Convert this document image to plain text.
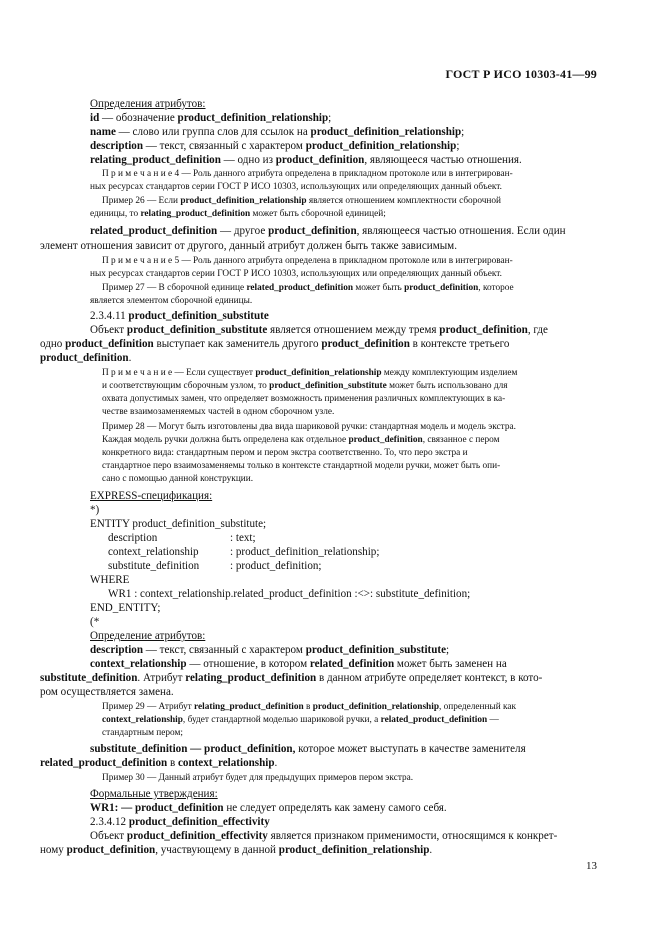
ГОСТ Р ИСО 10303-41—99
Определения атрибутов:
id — обозначение product_definition_relationship;
name — слово или группа слов для ссылок на product_definition_relationship;
description — текст, связанный с характером product_definition_relationship;
relating_product_definition — одно из product_definition, являющееся частью отношения.
П р и м е ч а н и е 4 — Роль данного атрибута определена в прикладном протоколе или в интегрирован-
ных ресурсах стандартов серии ГОСТ Р ИСО 10303, использующих или определяющих данный объект.
Пример 26 — Если product_definition_relationship является отношением комплектности сборочной
единицы, то relating_product_definition может быть сборочной единицей;
related_product_definition — другое product_definition, являющееся частью отношения. Если один
элемент отношения зависит от другого, данный атрибут должен быть также зависимым.
П р и м е ч а н и е 5 — Роль данного атрибута определена в прикладном протоколе или в интегрирован-
ных ресурсах стандартов серии ГОСТ Р ИСО 10303, использующих или определяющих данный объект.
Пример 27 — В сборочной единице related_product_definition может быть product_definition, которое
является элементом сборочной единицы.
2.3.4.11 product_definition_substitute
Объект product_definition_substitute является отношением между тремя product_definition, где
одно product_definition выступает как заменитель другого product_definition в контексте третьего
product_definition.
П р и м е ч а н и е — Если существует product_definition_relationship между комплектующим изделием
и соответствующим сборочным узлом, то product_definition_substitute может быть использовано для
охвата допустимых замен, что определяет возможность применения различных комплектующих в ка-
честве взаимозаменяемых частей в одном сборочном узле.
Пример 28 — Могут быть изготовлены два вида шариковой ручки: стандартная модель и модель экстра.
Каждая модель ручки должна быть определена как отдельное product_definition, связанное с пером
конкретного вида: стандартным пером и пером экстра соответственно. То, что перо экстра и
стандартное перо взаимозаменяемы только в контексте стандартной модели ручки, может быть опи-
сано с помощью данной конструкции.
EXPRESS-спецификация:
*)
ENTITY product_definition_substitute;
description	: text;
context_relationship	: product_definition_relationship;
substitute_definition	: product_definition;
WHERE
WR1 : context_relationship.related_product_definition :<>: substitute_definition;
END_ENTITY;
(*
Определение атрибутов:
description — текст, связанный с характером product_definition_substitute;
context_relationship — отношение, в котором related_definition может быть заменен на
substitute_definition. Атрибут relating_product_definition в данном атрибуте определяет контекст, в кото-
ром осуществляется замена.
Пример 29 — Атрибут relating_product_definition в product_definition_relationship, определенный как
context_relationship, будет стандартной моделью шариковой ручки, а related_product_definition —
стандартным пером;
substitute_definition — product_definition, которое может выступать в качестве заменителя
related_product_definition в context_relationship.
Пример 30 — Данный атрибут будет для предыдущих примеров пером экстра.
Формальные утверждения:
WR1: — product_definition не следует определять как замену самого себя.
2.3.4.12 product_definition_effectivity
Объект product_definition_effectivity является признаком применимости, относящимся к конкрет-
ному product_definition, участвующему в данной product_definition_relationship.
13
